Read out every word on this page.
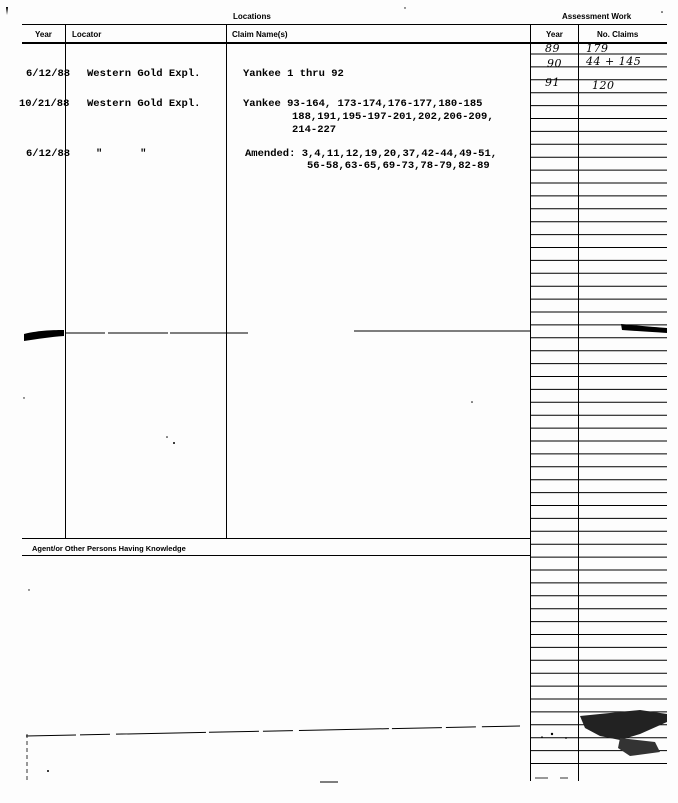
Locations	Assessment Work
Year	Locator	Claim Name(s)	Year	No. Claims
Agent/or Other Persons Having Knowledge
6/12/88 Western Gold Expl.	Yankee 1 thru 92
10/21/88 Western Gold Expl.	Yankee 93-164, 173-174,176-177,180-185
188,191,195-197-201,202,206-209,
214-227
6/12/88 "      "	Amended: 3,4,11,12,19,20,37,42-44,49-51,
56-58,63-65,69-73,78-79,82-89
89 179
90 44 + 145
91	120
